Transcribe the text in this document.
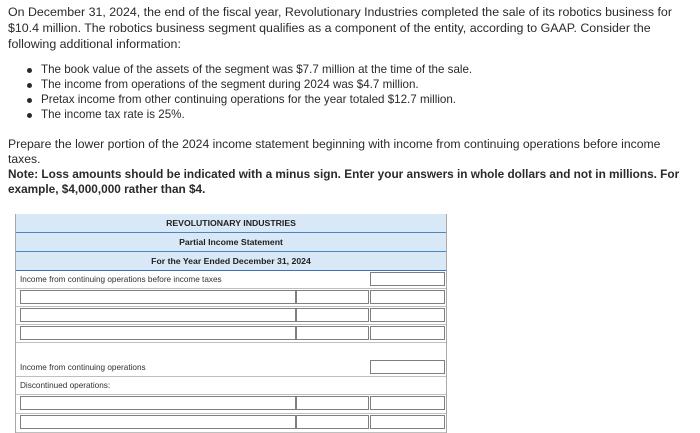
On December 31, 2024, the end of the fiscal year, Revolutionary Industries completed the sale of its robotics business for $10.4 million. The robotics business segment qualifies as a component of the entity, according to GAAP. Consider the following additional information:
The book value of the assets of the segment was $7.7 million at the time of the sale.
The income from operations of the segment during 2024 was $4.7 million.
Pretax income from other continuing operations for the year totaled $12.7 million.
The income tax rate is 25%.
Prepare the lower portion of the 2024 income statement beginning with income from continuing operations before income taxes.
Note: Loss amounts should be indicated with a minus sign. Enter your answers in whole dollars and not in millions. For example, $4,000,000 rather than $4.
REVOLUTIONARY INDUSTRIES
Partial Income Statement
For the Year Ended December 31, 2024
Income from continuing operations before income taxes
Income from continuing operations
Discontinued operations:
